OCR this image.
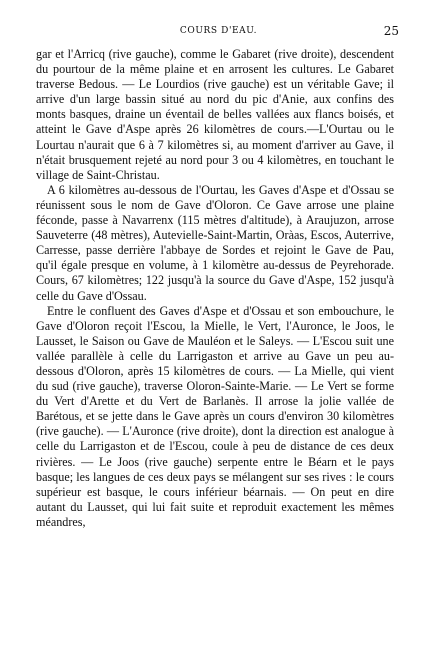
COURS D'EAU.	25

gar et l'Arricq (rive gauche), comme le Gabaret (rive droite), descendent du pourtour de la même plaine et en arrosent les cultures. Le Gabaret traverse Bedous. — Le Lourdios (rive gauche) est un véritable Gave; il arrive d'un large bassin situé au nord du pic d'Anie, aux confins des monts basques, draine un éventail de belles vallées aux flancs boisés, et atteint le Gave d'Aspe après 26 kilomètres de cours.—L'Ourtau ou le Lourtau n'aurait que 6 à 7 kilomètres si, au moment d'arriver au Gave, il n'était brusquement rejeté au nord pour 3 ou 4 kilomètres, en touchant le village de Saint-Christau.

A 6 kilomètres au-dessous de l'Ourtau, les Gaves d'Aspe et d'Ossau se réunissent sous le nom de Gave d'Oloron. Ce Gave arrose une plaine féconde, passe à Navarrenx (115 mètres d'altitude), à Araujuzon, arrose Sauveterre (48 mètres), Autevielle-Saint-Martin, Oràas, Escos, Auterrive, Carresse, passe derrière l'abbaye de Sordes et rejoint le Gave de Pau, qu'il égale presque en volume, à 1 kilomètre au-dessus de Peyrehorade. Cours, 67 kilomètres; 122 jusqu'à la source du Gave d'Aspe, 152 jusqu'à celle du Gave d'Ossau.

Entre le confluent des Gaves d'Aspe et d'Ossau et son embouchure, le Gave d'Oloron reçoit l'Escou, la Mielle, le Vert, l'Auronce, le Joos, le Lausset, le Saison ou Gave de Mauléon et le Saleys. — L'Escou suit une vallée parallèle à celle du Larrigaston et arrive au Gave un peu au-dessous d'Oloron, après 15 kilomètres de cours. — La Mielle, qui vient du sud (rive gauche), traverse Oloron-Sainte-Marie. — Le Vert se forme du Vert d'Arette et du Vert de Barlanès. Il arrose la jolie vallée de Barétous, et se jette dans le Gave après un cours d'environ 30 kilomètres (rive gauche). — L'Auronce (rive droite), dont la direction est analogue à celle du Larrigaston et de l'Escou, coule à peu de distance de ces deux rivières. — Le Joos (rive gauche) serpente entre le Béarn et le pays basque; les langues de ces deux pays se mélangent sur ses rives : le cours supérieur est basque, le cours inférieur béarnais. — On peut en dire autant du Lausset, qui lui fait suite et reproduit exactement les mêmes méandres,
